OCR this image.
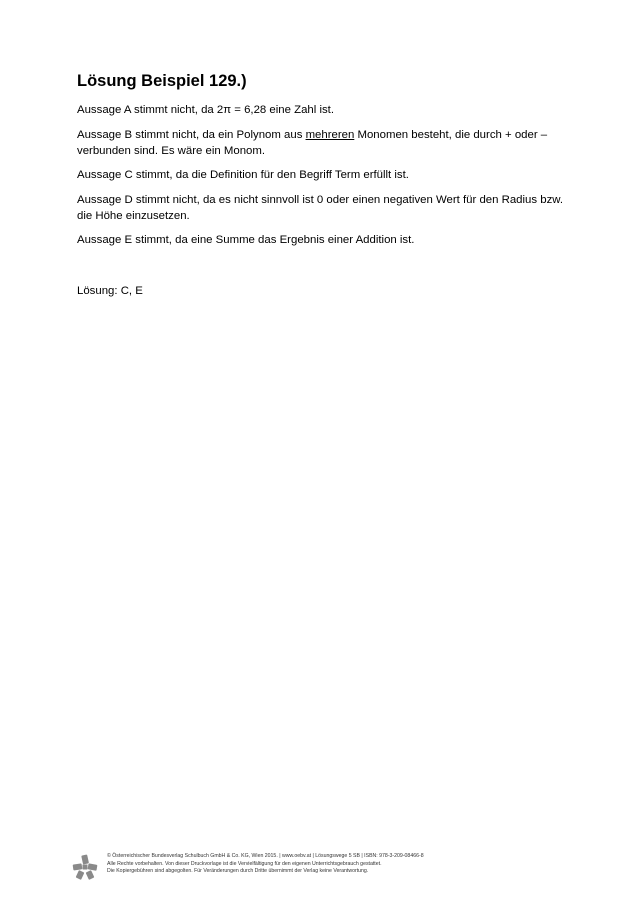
Lösung Beispiel 129.)

Aussage A stimmt nicht, da 2π = 6,28 eine Zahl ist.

Aussage B stimmt nicht, da ein Polynom aus mehreren Monomen besteht, die durch + oder – verbunden sind. Es wäre ein Monom.

Aussage C stimmt, da die Definition für den Begriff Term erfüllt ist.

Aussage D stimmt nicht, da es nicht sinnvoll ist 0 oder einen negativen Wert für den Radius bzw. die Höhe einzusetzen.

Aussage E stimmt, da eine Summe das Ergebnis einer Addition ist.

Lösung: C, E

© Österreichischer Bundesverlag Schulbuch GmbH & Co. KG, Wien 2015. | www.oebv.at | Lösungswege 5 SB | ISBN: 978-3-209-08466-8
Alle Rechte vorbehalten. Von dieser Druckvorlage ist die Vervielfältigung für den eigenen Unterrichtsgebrauch gestattet.
Die Kopiergebühren sind abgegolten. Für Veränderungen durch Dritte übernimmt der Verlag keine Verantwortung.
